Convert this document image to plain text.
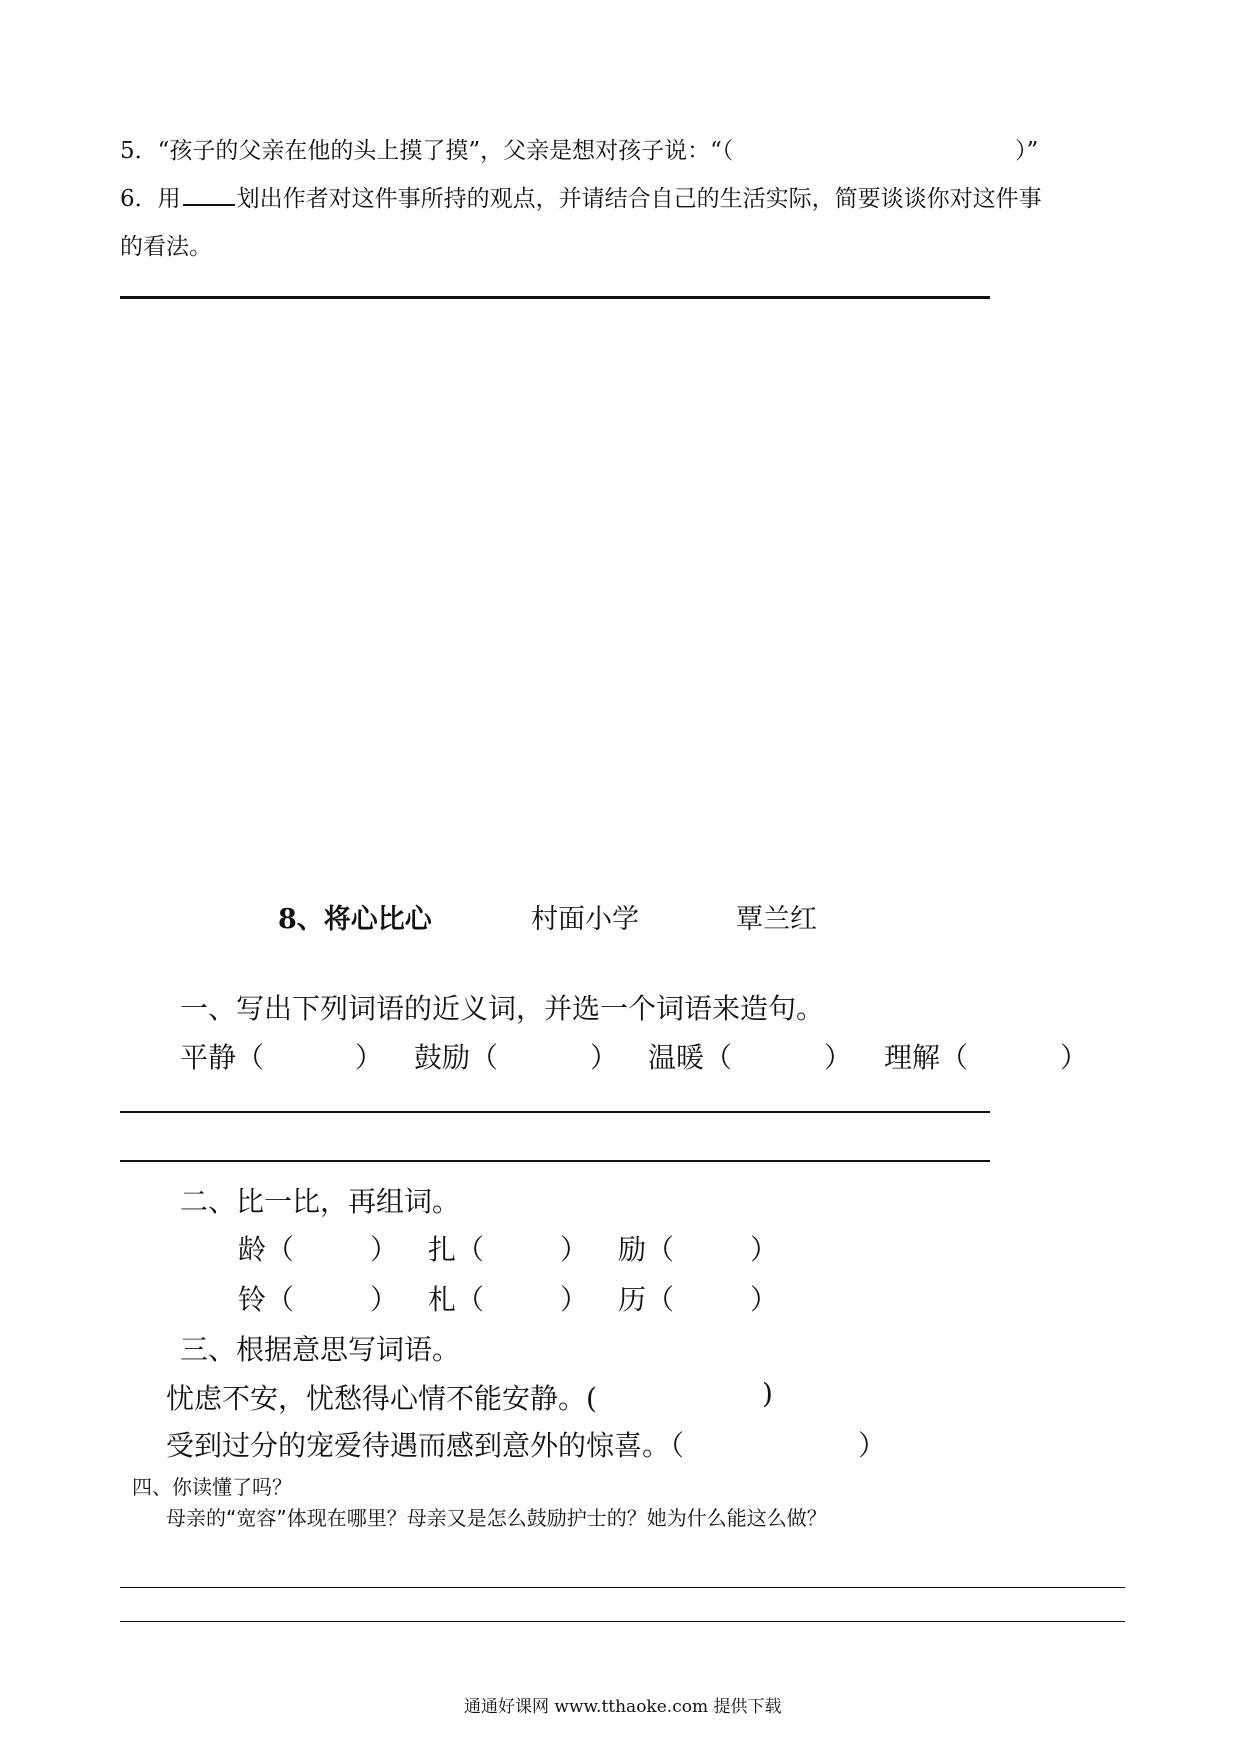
5．“孩子的父亲在他的头上摸了摸”，父亲是想对孩子说：“（	）”
6．用 划出作者对这件事所持的观点，并请结合自己的生活实际，简要谈谈你对这件事
的看法。
8、将心比心	村面小学	覃兰红
一、写出下列词语的近义词，并选一个词语来造句。
平静（	） 鼓励（	） 温暖（	） 理解（	）
二、比一比，再组词。
龄（	） 扎（	） 励（	）
铃（	） 札（	） 历（	）
三、根据意思写词语。
忧虑不安，忧愁得心情不能安静。(	)
受到过分的宠爱待遇而感到意外的惊喜。（	）
四、你读懂了吗？
母亲的“宽容”体现在哪里？母亲又是怎么鼓励护士的？她为什么能这么做？
通通好课网 www.tthaoke.com 提供下载
